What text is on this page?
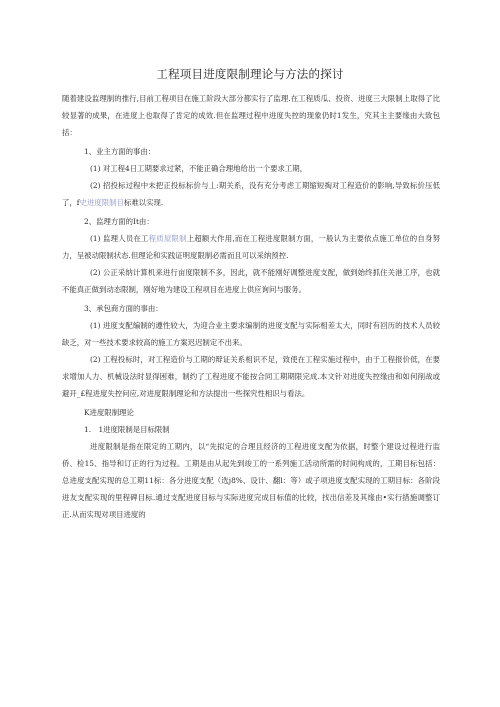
工程项目进度限制理论与方法的探讨

随着建设监理制的推行,目前工程项目在施工阶段大部分都实行了监理.在工程质瓜、投资、进度三大限制上取得了比较显著的成果，在进度上也取得了肯定的成效.但在监理过程中进度失控的现象仍时1发生，究其主主要缘由大致包括：

1、业主方面的事由：

(1) 对工程4日工期要求过紧，不能正确合理地给出一个要求工期，

(2) 招投标过程中未把正投标标价与丄:期关系，没有充分考虑工期缩短掏对工程造价的影响,导致标价压低了，f史进度限制目标难以实现.

2、监理方面的It由：

(1) 监理人员在工程质屋限制上超额大作用,而在工程进度限制方面，一般认为主要依点施工单位的自身努力，呈被动限制状态.但理论和实践证明度限制必需而且可以采纳预控.

(2) 公正采纳计算机来进行亩度限制不多，因此，就不能刚好调整进度支配，做到始终抓住关港工序，也就不能真正做到动态限制，刚好地为建设工程项目在进度上供应询问与服务。

3、承包商方面的事由：

(1) 进度支配编制的遵性较大，为迎合业主要求编制的进度支配与实际相差太大，同时有回历的技术人员较缺乏，对一些技术要求较高的施工方案迟迟制定不出来。

(2) 工程投标时，对工程造价与工期的辩证关系相识不足，致使在工程实施过程中，由于工程报价低，在要求增加人力、机械设法时显得困难，制约了工程进度不能按合同工期期限完成.本文针对进度失控缘由和如何削战或避开_£程进度失控问应,对进度限制理论和方法提出一些探究性相识与看法。

K进度限制理论

1.　1进度限制是目标限制

进度限制是指在限定的工期内，以“先拟定的合理且经济的工程进度支配为依据，时整个建设过程进行监侨、检15、指导和订正的行为过程。工期是由从起先到竣工的一系列施工活动所需的时间构成的，工期目标包括：总进度支配实现的总工期11标：各分进度支配（选j8%、设计、翻l：等）或子项进度支配实现的工期目标：各阶段进友支配实现的里程碑目标.通过支配进度目标与实际进度完成目标值的比较，找出信差及其缘由•实行措施调整订正.从而实现对项目进度的
